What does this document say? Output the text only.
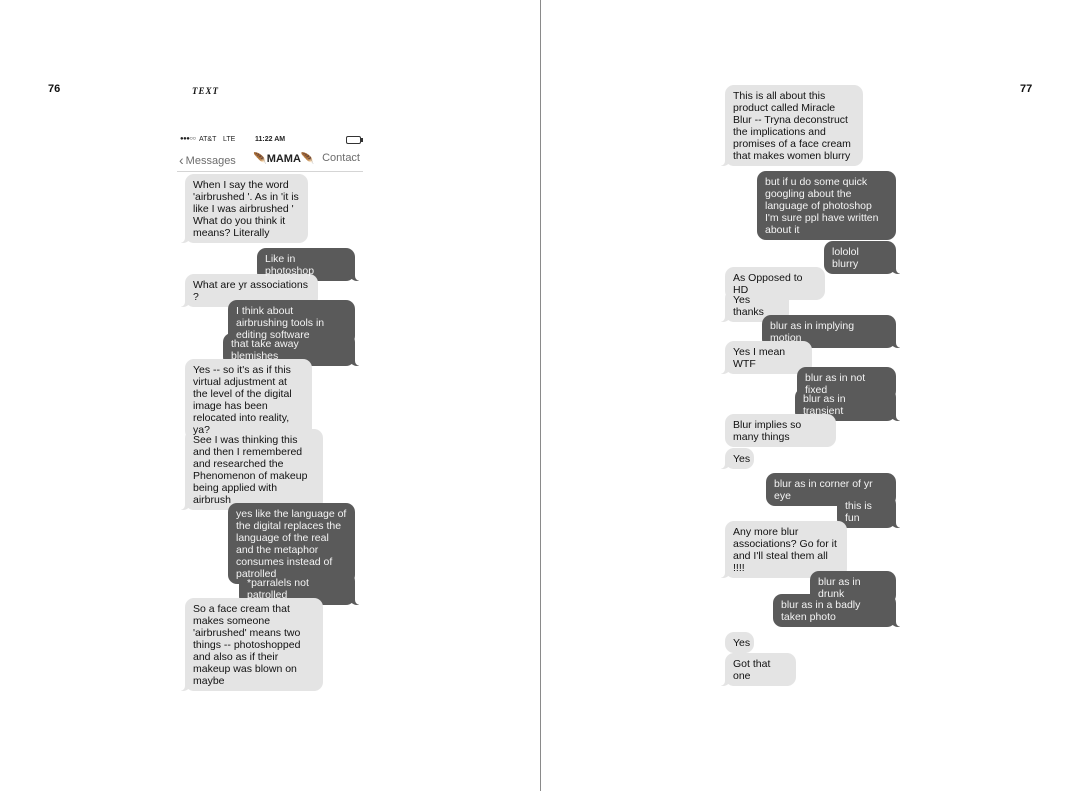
76	TEXT
●●●○○ AT&T LTE	11:22 AM
‹ Messages 🪶MAMA🪶 Contact
When I say the word 'airbrushed '. As in 'it is like I was airbrushed ' What do you think it means? Literally
Like in photoshop
What are yr associations ?
I think about airbrushing tools in editing software
that take away blemishes
Yes -- so it's as if this virtual adjustment at the level of the digital image has been relocated into reality, ya?
See I was thinking this and then I remembered and researched the Phenomenon of makeup being applied with airbrush
yes like the language of the digital replaces the language of the real and the metaphor consumes instead of patrolled
*parralels not patrolled
So a face cream that makes someone 'airbrushed' means two things -- photoshopped and also as if their makeup was blown on maybe
77
This is all about this product called Miracle Blur -- Tryna deconstruct the implications and promises of a face cream that makes women blurry
but if u do some quick googling about the language of photoshop I'm sure ppl have written about it
lololol blurry
As Opposed to HD
Yes thanks
blur as in implying motion
Yes I mean WTF
blur as in not fixed
blur as in transient
Blur implies so many things
Yes
blur as in corner of yr eye
this is fun
Any more blur associations? Go for it and I'll steal them all !!!!
blur as in drunk
blur as in a badly taken photo
Yes
Got that one
